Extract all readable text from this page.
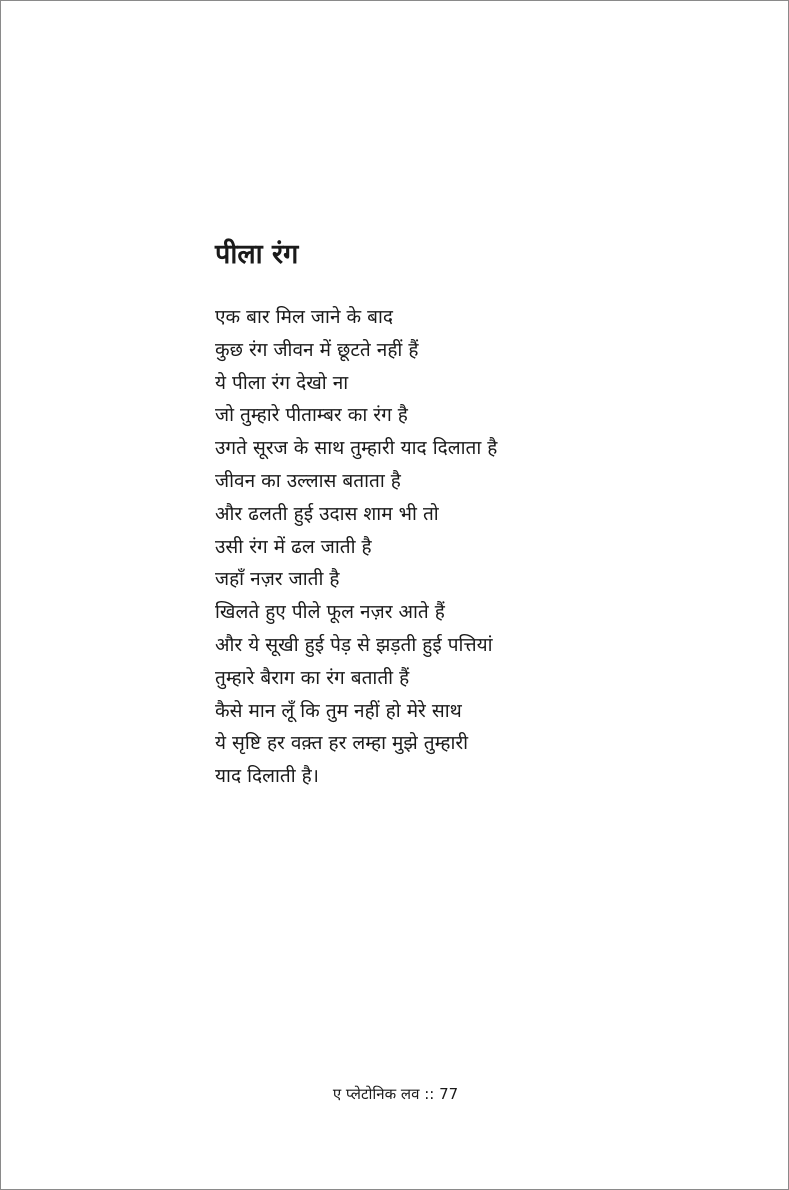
पीला रंग
एक बार मिल जाने के बाद
कुछ रंग जीवन में छूटते नहीं हैं
ये पीला रंग देखो ना
जो तुम्हारे पीताम्बर का रंग है
उगते सूरज के साथ तुम्हारी याद दिलाता है
जीवन का उल्लास बताता है
और ढलती हुई उदास शाम भी तो
उसी रंग में ढल जाती है
जहाँ नज़र जाती है
खिलते हुए पीले फूल नज़र आते हैं
और ये सूखी हुई पेड़ से झड़ती हुई पत्तियां
तुम्हारे बैराग का रंग बताती हैं
कैसे मान लूँ कि तुम नहीं हो मेरे साथ
ये सृष्टि हर वक़्त हर लम्हा मुझे तुम्हारी
याद दिलाती है।
ए प्लेटोनिक लव :: 77
